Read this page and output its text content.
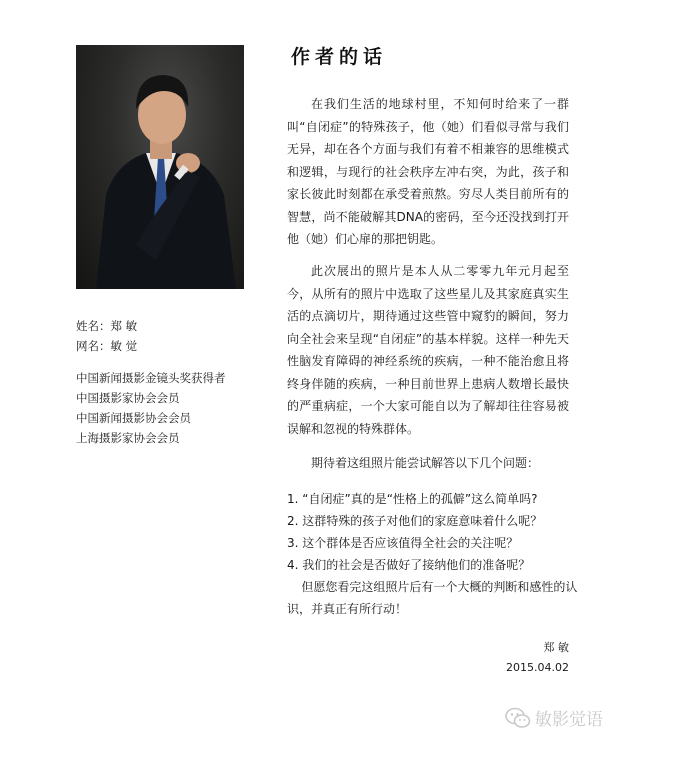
姓名：郑 敏
网名：敏 觉
中国新闻摄影金镜头奖获得者
中国摄影家协会会员
中国新闻摄影协会会员
上海摄影家协会会员
作者的话

在我们生活的地球村里，不知何时给来了一群叫“自闭症”的特殊孩子，他（她）们看似寻常与我们无异，却在各个方面与我们有着不相兼容的思维模式和逻辑，与现行的社会秩序左冲右突，为此，孩子和家长彼此时刻都在承受着煎熬。穷尽人类目前所有的智慧，尚不能破解其DNA的密码，至今还没找到打开他（她）们心扉的那把钥匙。

此次展出的照片是本人从二零零九年元月起至今，从所有的照片中选取了这些星儿及其家庭真实生活的点滴切片，期待通过这些管中窥豹的瞬间，努力向全社会来呈现“自闭症”的基本样貌。这样一种先天性脑发育障碍的神经系统的疾病，一种不能治愈且将终身伴随的疾病，一种目前世界上患病人数增长最快的严重病症，一个大家可能自以为了解却往往容易被误解和忽视的特殊群体。

期待着这组照片能尝试解答以下几个问题：

1. “自闭症”真的是“性格上的孤僻”这么简单吗?
2. 这群特殊的孩子对他们的家庭意味着什么呢？
3. 这个群体是否应该值得全社会的关注呢？
4. 我们的社会是否做好了接纳他们的准备呢？

但愿您看完这组照片后有一个大概的判断和感性的认识，并真正有所行动！

郑 敏
2015.04.02
敏影觉语
